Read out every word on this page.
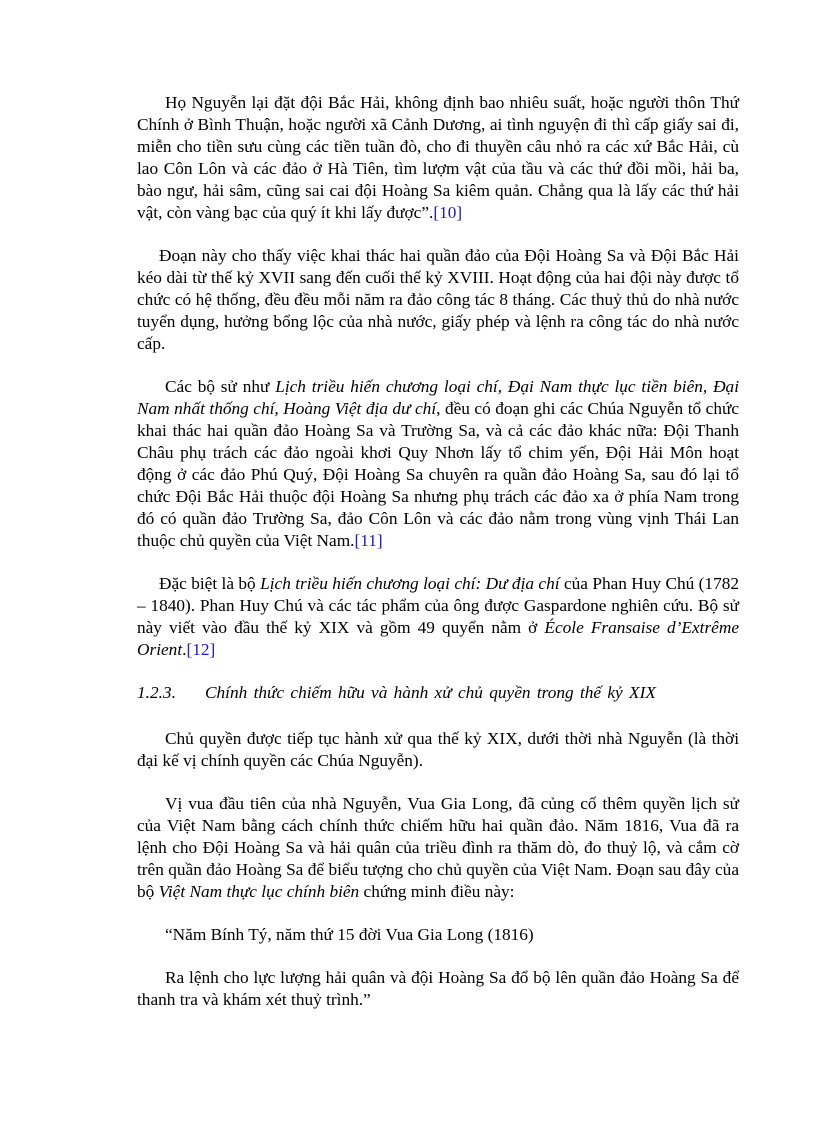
Họ Nguyễn lại đặt đội Bắc Hải, không định bao nhiêu suất, hoặc người thôn Thứ Chính ở Bình Thuận, hoặc người xã Cảnh Dương, ai tình nguyện đi thì cấp giấy sai đi, miễn cho tiền sưu cùng các tiền tuần đò, cho đi thuyền câu nhỏ ra các xứ Bắc Hải, cù lao Côn Lôn và các đảo ở Hà Tiên, tìm lượm vật của tầu và các thứ đồi mồi, hải ba, bào ngư, hải sâm, cũng sai cai đội Hoàng Sa kiêm quản. Chẳng qua là lấy các thứ hải vật, còn vàng bạc của quý ít khi lấy được”.[10]

Đoạn này cho thấy việc khai thác hai quần đảo của Đội Hoàng Sa và Đội Bắc Hải kéo dài từ thế kỷ XVII sang đến cuối thế kỷ XVIII. Hoạt động của hai đội này được tổ chức có hệ thống, đều đều mỗi năm ra đảo công tác 8 tháng. Các thuỷ thủ do nhà nước tuyển dụng, hưởng bổng lộc của nhà nước, giấy phép và lệnh ra công tác do nhà nước cấp.

Các bộ sử như Lịch triều hiến chương loại chí, Đại Nam thực lục tiền biên, Đại Nam nhất thống chí, Hoàng Việt địa dư chí, đều có đoạn ghi các Chúa Nguyễn tổ chức khai thác hai quần đảo Hoàng Sa và Trường Sa, và cả các đảo khác nữa: Đội Thanh Châu phụ trách các đảo ngoài khơi Quy Nhơn lấy tổ chim yến, Đội Hải Môn hoạt động ở các đảo Phú Quý, Đội Hoàng Sa chuyên ra quần đảo Hoàng Sa, sau đó lại tổ chức Đội Bắc Hải thuộc đội Hoàng Sa nhưng phụ trách các đảo xa ở phía Nam trong đó có quần đảo Trường Sa, đảo Côn Lôn và các đảo nằm trong vùng vịnh Thái Lan thuộc chủ quyền của Việt Nam.[11]

Đặc biệt là bộ Lịch triều hiến chương loại chí: Dư địa chí của Phan Huy Chú (1782 – 1840). Phan Huy Chú và các tác phẩm của ông được Gaspardone nghiên cứu. Bộ sử này viết vào đầu thế kỷ XIX và gồm 49 quyển nằm ở École Fransaise d’Extrême Orient.[12]

1.2.3. Chính thức chiếm hữu và hành xử chủ quyền trong thế kỷ XIX

Chủ quyền được tiếp tục hành xử qua thế kỷ XIX, dưới thời nhà Nguyễn (là thời đại kế vị chính quyền các Chúa Nguyễn).

Vị vua đầu tiên của nhà Nguyễn, Vua Gia Long, đã củng cố thêm quyền lịch sử của Việt Nam bằng cách chính thức chiếm hữu hai quần đảo. Năm 1816, Vua đã ra lệnh cho Đội Hoàng Sa và hải quân của triều đình ra thăm dò, đo thuỷ lộ, và cắm cờ trên quần đảo Hoàng Sa để biểu tượng cho chủ quyền của Việt Nam. Đoạn sau đây của bộ Việt Nam thực lục chính biên chứng minh điều này:

“Năm Bính Tý, năm thứ 15 đời Vua Gia Long (1816)

Ra lệnh cho lực lượng hải quân và đội Hoàng Sa đổ bộ lên quần đảo Hoàng Sa để thanh tra và khám xét thuỷ trình.”
